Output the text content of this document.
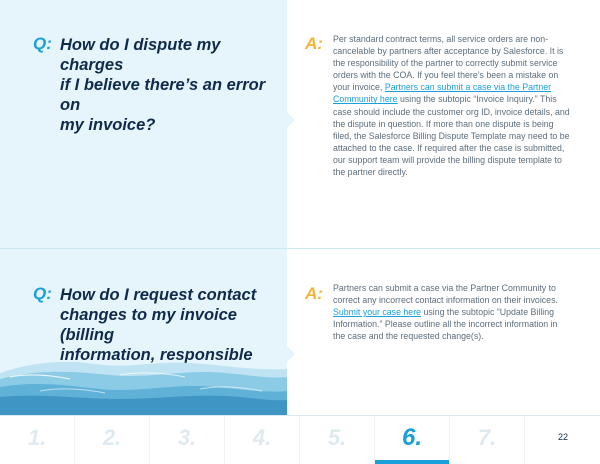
Q: How do I dispute my charges
if I believe there’s an error on
my invoice?
A: Per standard contract terms, all service orders are non-cancelable by partners after acceptance by Salesforce. It is the responsibility of the partner to correctly submit service orders with the COA. If you feel there’s been a mistake on your invoice, Partners can submit a case via the Partner Community here using the subtopic “Invoice Inquiry.” This case should include the customer org ID, invoice details, and the dispute in question. If more than one dispute is being filed, the Salesforce Billing Dispute Template may need to be attached to the case. If required after the case is submitted, our support team will provide the billing dispute template to the partner directly.

Q: How do I request contact
changes to my invoice (billing
information, responsible

A: Partners can submit a case via the Partner Community to correct any incorrect contact information on their invoices. Submit your case here using the subtopic “Update Billing Information.” Please outline all the incorrect information in the case and the requested change(s).

1.	2.	3.	4.	5.	6.	7.	22
